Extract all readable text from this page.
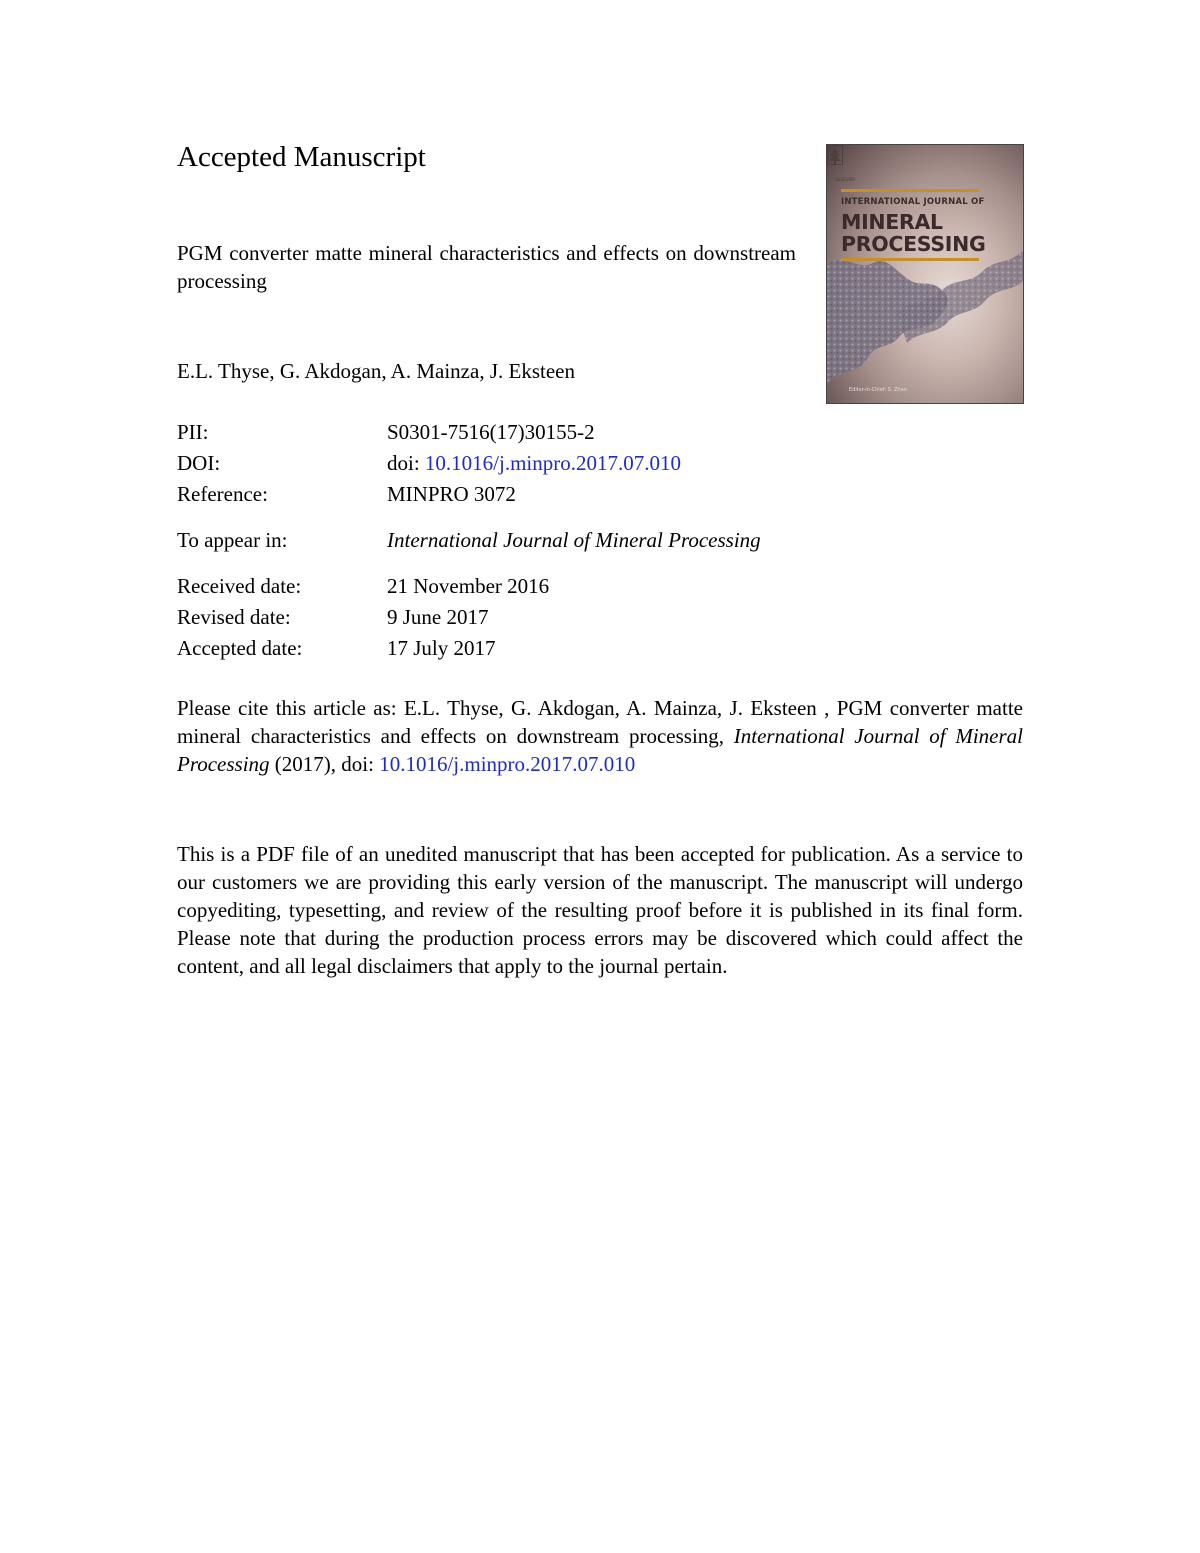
Accepted Manuscript
PGM converter matte mineral characteristics and effects on downstream processing
E.L. Thyse, G. Akdogan, A. Mainza, J. Eksteen
PII:	S0301-7516(17)30155-2
DOI:	doi: 10.1016/j.minpro.2017.07.010
Reference:	MINPRO 3072
To appear in:	International Journal of Mineral Processing
Received date:	21 November 2016
Revised date:	9 June 2017
Accepted date:	17 July 2017
Please cite this article as: E.L. Thyse, G. Akdogan, A. Mainza, J. Eksteen , PGM converter matte mineral characteristics and effects on downstream processing, International Journal of Mineral Processing (2017), doi: 10.1016/j.minpro.2017.07.010
This is a PDF file of an unedited manuscript that has been accepted for publication. As a service to our customers we are providing this early version of the manuscript. The manuscript will undergo copyediting, typesetting, and review of the resulting proof before it is published in its final form. Please note that during the production process errors may be discovered which could affect the content, and all legal disclaimers that apply to the journal pertain.
ELSEVIER
INTERNATIONAL JOURNAL OF
MINERAL
PROCESSING
Editor-in-Chief: S. Zhan
